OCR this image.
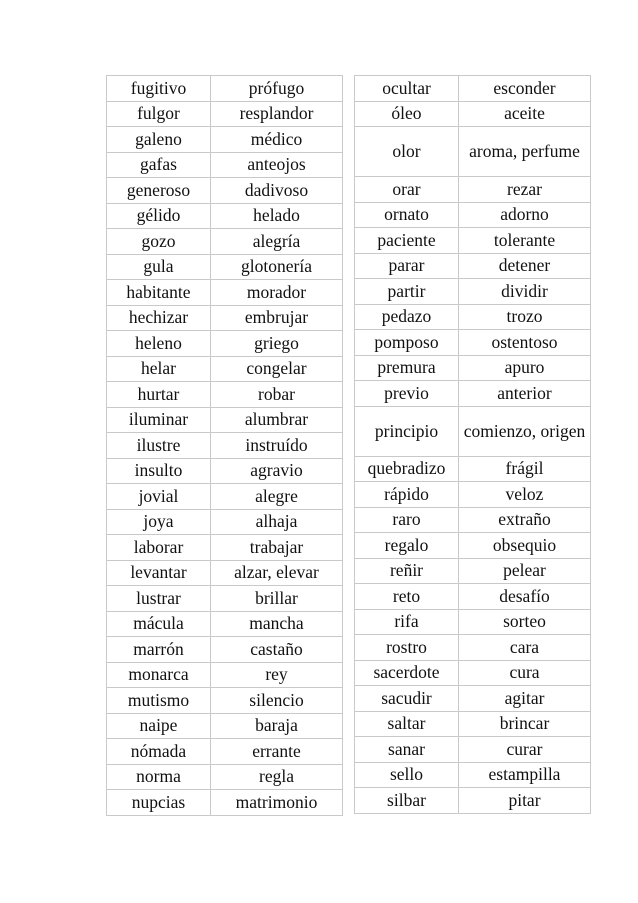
fugitivo	prófugo
fulgor	resplandor
galeno	médico
gafas	anteojos
generoso	dadivoso
gélido	helado
gozo	alegría
gula	glotonería
habitante	morador
hechizar	embrujar
heleno	griego
helar	congelar
hurtar	robar
iluminar	alumbrar
ilustre	instruído
insulto	agravio
jovial	alegre
joya	alhaja
laborar	trabajar
levantar	alzar, elevar
lustrar	brillar
mácula	mancha
marrón	castaño
monarca	rey
mutismo	silencio
naipe	baraja
nómada	errante
norma	regla
nupcias	matrimonio
ocultar	esconder
óleo	aceite
olor	aroma, perfume
orar	rezar
ornato	adorno
paciente	tolerante
parar	detener
partir	dividir
pedazo	trozo
pomposo	ostentoso
premura	apuro
previo	anterior
principio	comienzo, origen
quebradizo	frágil
rápido	veloz
raro	extraño
regalo	obsequio
reñir	pelear
reto	desafío
rifa	sorteo
rostro	cara
sacerdote	cura
sacudir	agitar
saltar	brincar
sanar	curar
sello	estampilla
silbar	pitar
